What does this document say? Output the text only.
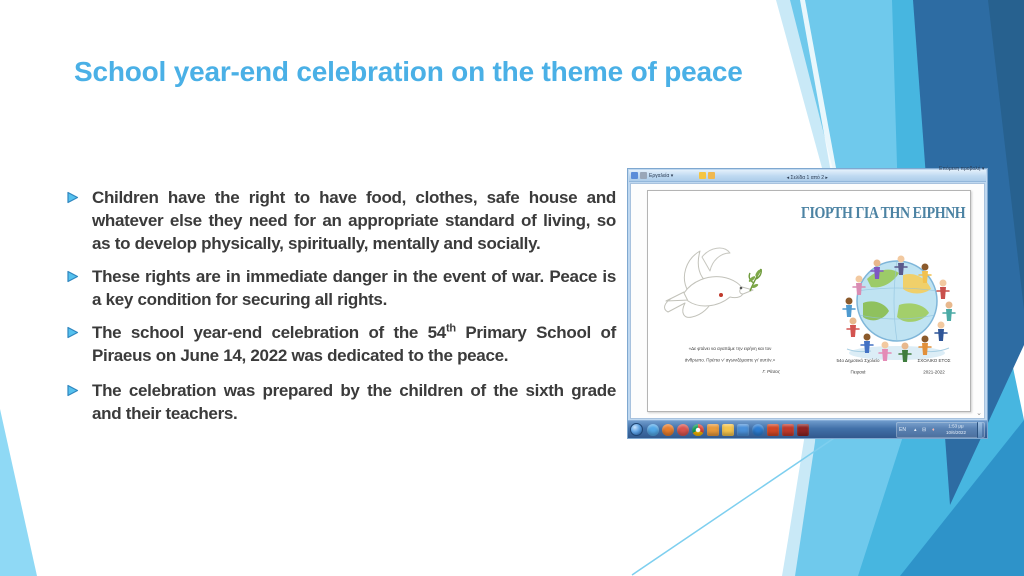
School year-end celebration on the theme of peace
Children have the right to have food, clothes, safe house and whatever else they need for an appropriate standard of living, so as to develop physically, spiritually, mentally and socially.
These rights are in immediate danger in the event of war. Peace is a key condition for securing all rights.
The school year-end celebration of the 54th Primary School of Piraeus on June 14, 2022 was dedicated to the peace.
The celebration was prepared by the children of the sixth grade and their teachers.
Εργαλεία ▾	◂ Σελίδα 1 από 2 ▸
Επόμενη προβολή ▾
ΓΙΟΡΤΗ ΓΙΑ ΤΗΝ ΕΙΡΗΝΗ
«Δε φτάνει να αγαπάμε την ειρήνη και τον
άνθρωπο. Πρέπει ν’ αγωνιζόμαστε γι’ αυτόν.»
Γ. Ρίτσος
54ο Δημοτικό Σχολείο
Πειραιά
ΣΧΟΛΙΚΟ ΕΤΟΣ
2021-2022
⌄
EN ▴ ⊟ ♦
1:53 μμ
10/6/2022
